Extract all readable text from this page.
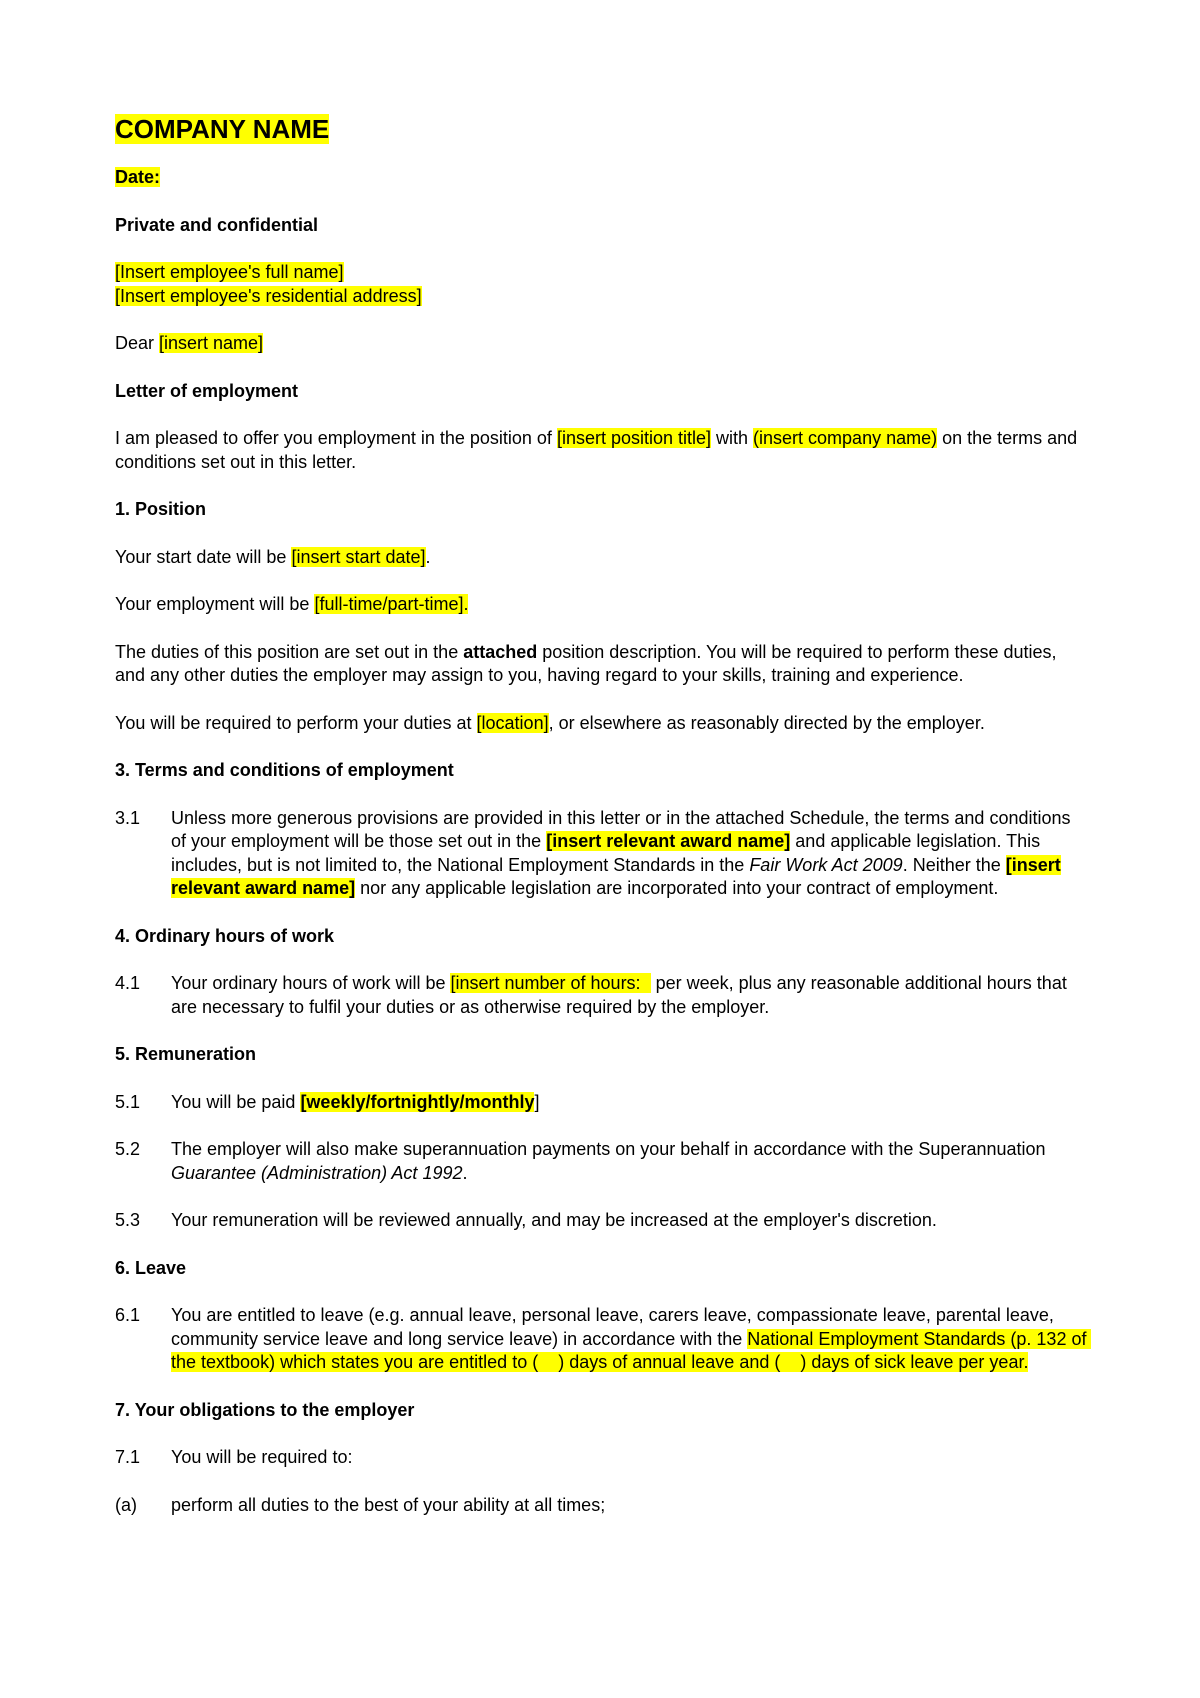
COMPANY NAME

Date:

Private and confidential

[Insert employee's full name]
[Insert employee's residential address]

Dear [insert name]

Letter of employment

I am pleased to offer you employment in the position of [insert position title] with (insert company name) on the terms and conditions set out in this letter.

1. Position

Your start date will be [insert start date].

Your employment will be [full-time/part-time].

The duties of this position are set out in the attached position description. You will be required to perform these duties, and any other duties the employer may assign to you, having regard to your skills, training and experience.

You will be required to perform your duties at [location], or elsewhere as reasonably directed by the employer.

3. Terms and conditions of employment
3.1	Unless more generous provisions are provided in this letter or in the attached Schedule, the terms and conditions of your employment will be those set out in the [insert relevant award name] and applicable legislation. This includes, but is not limited to, the National Employment Standards in the Fair Work Act 2009. Neither the [insert relevant award name] nor any applicable legislation are incorporated into your contract of employment.
4. Ordinary hours of work
4.1	Your ordinary hours of work will be [insert number of hours:   per week, plus any reasonable additional hours that are necessary to fulfil your duties or as otherwise required by the employer.
5. Remuneration
5.1	You will be paid [weekly/fortnightly/monthly]
5.2	The employer will also make superannuation payments on your behalf in accordance with the Superannuation Guarantee (Administration) Act 1992.
5.3	Your remuneration will be reviewed annually, and may be increased at the employer's discretion.
6. Leave
6.1	You are entitled to leave (e.g. annual leave, personal leave, carers leave, compassionate leave, parental leave, community service leave and long service leave) in accordance with the National Employment Standards (p. 132 of the textbook) which states you are entitled to (    ) days of annual leave and (    ) days of sick leave per year.
7. Your obligations to the employer
7.1	You will be required to:
(a)	perform all duties to the best of your ability at all times;
